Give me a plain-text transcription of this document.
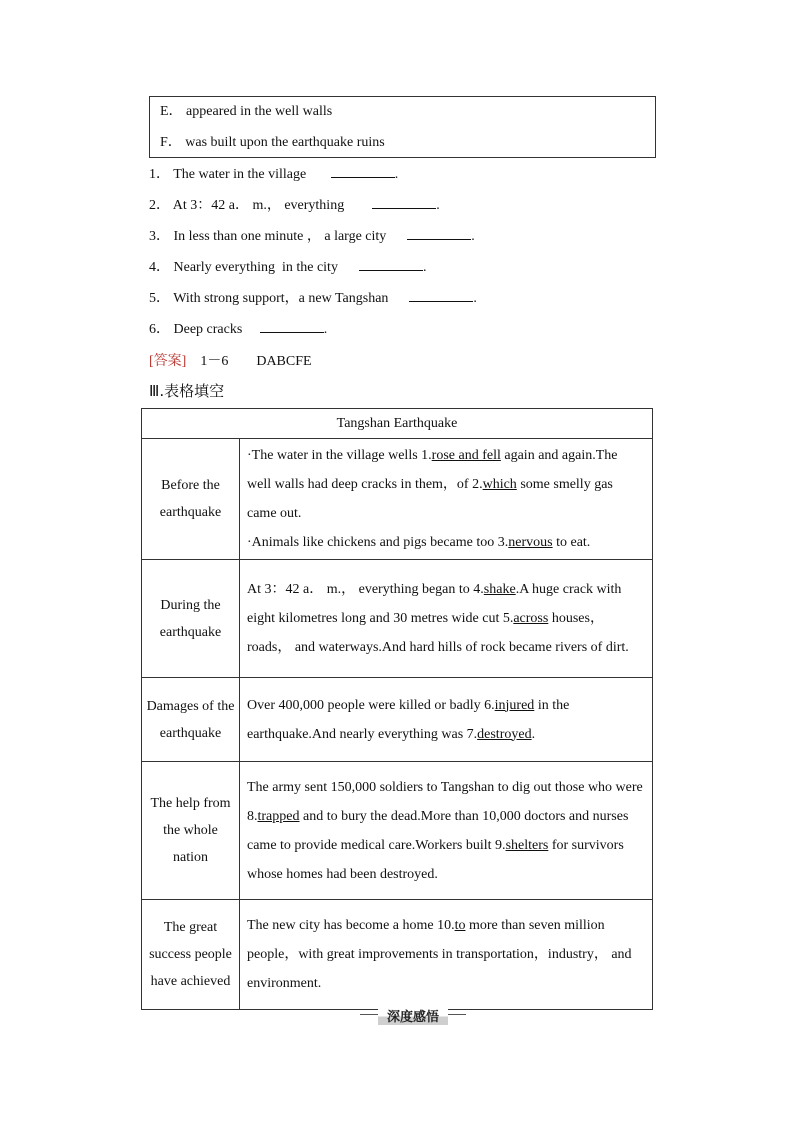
E． appeared in the well walls
F． was built upon the earthquake ruins
1． The water in the village	.
2． At 3：42 a． m.， everything	.
3． In less than one minute ， a large city	.
4． Nearly everything  in the city	.
5． With strong support，a new Tangshan	.
6． Deep cracks	.
[答案] 1－6 DABCFE
Ⅲ.表格填空
Tangshan Earthquake	
Before the earthquake	·The water in the village wells 1.rose and fell again and again.The well walls had deep cracks in them，of 2.which some smelly gas came out.
·Animals like chickens and pigs became too 3.nervous to eat.
During the earthquake	At 3：42 a． m.， everything began to 4.shake.A huge crack with eight kilometres long and 30 metres wide cut 5.across houses， roads， and waterways.And hard hills of rock became rivers of dirt.
Damages of the earthquake	Over 400,000 people were killed or badly 6.injured in the earthquake.And nearly everything was 7.destroyed.
The help from the whole nation	The army sent 150,000 soldiers to Tangshan to dig out those who were 8.trapped and to bury the dead.More than 10,000 doctors and nurses came to provide medical care.Workers built 9.shelters for survivors whose homes had been destroyed.
The great success people have achieved	The new city has become a home 10.to more than seven million people，with great improvements in transportation，industry， and environment.
深度感悟
